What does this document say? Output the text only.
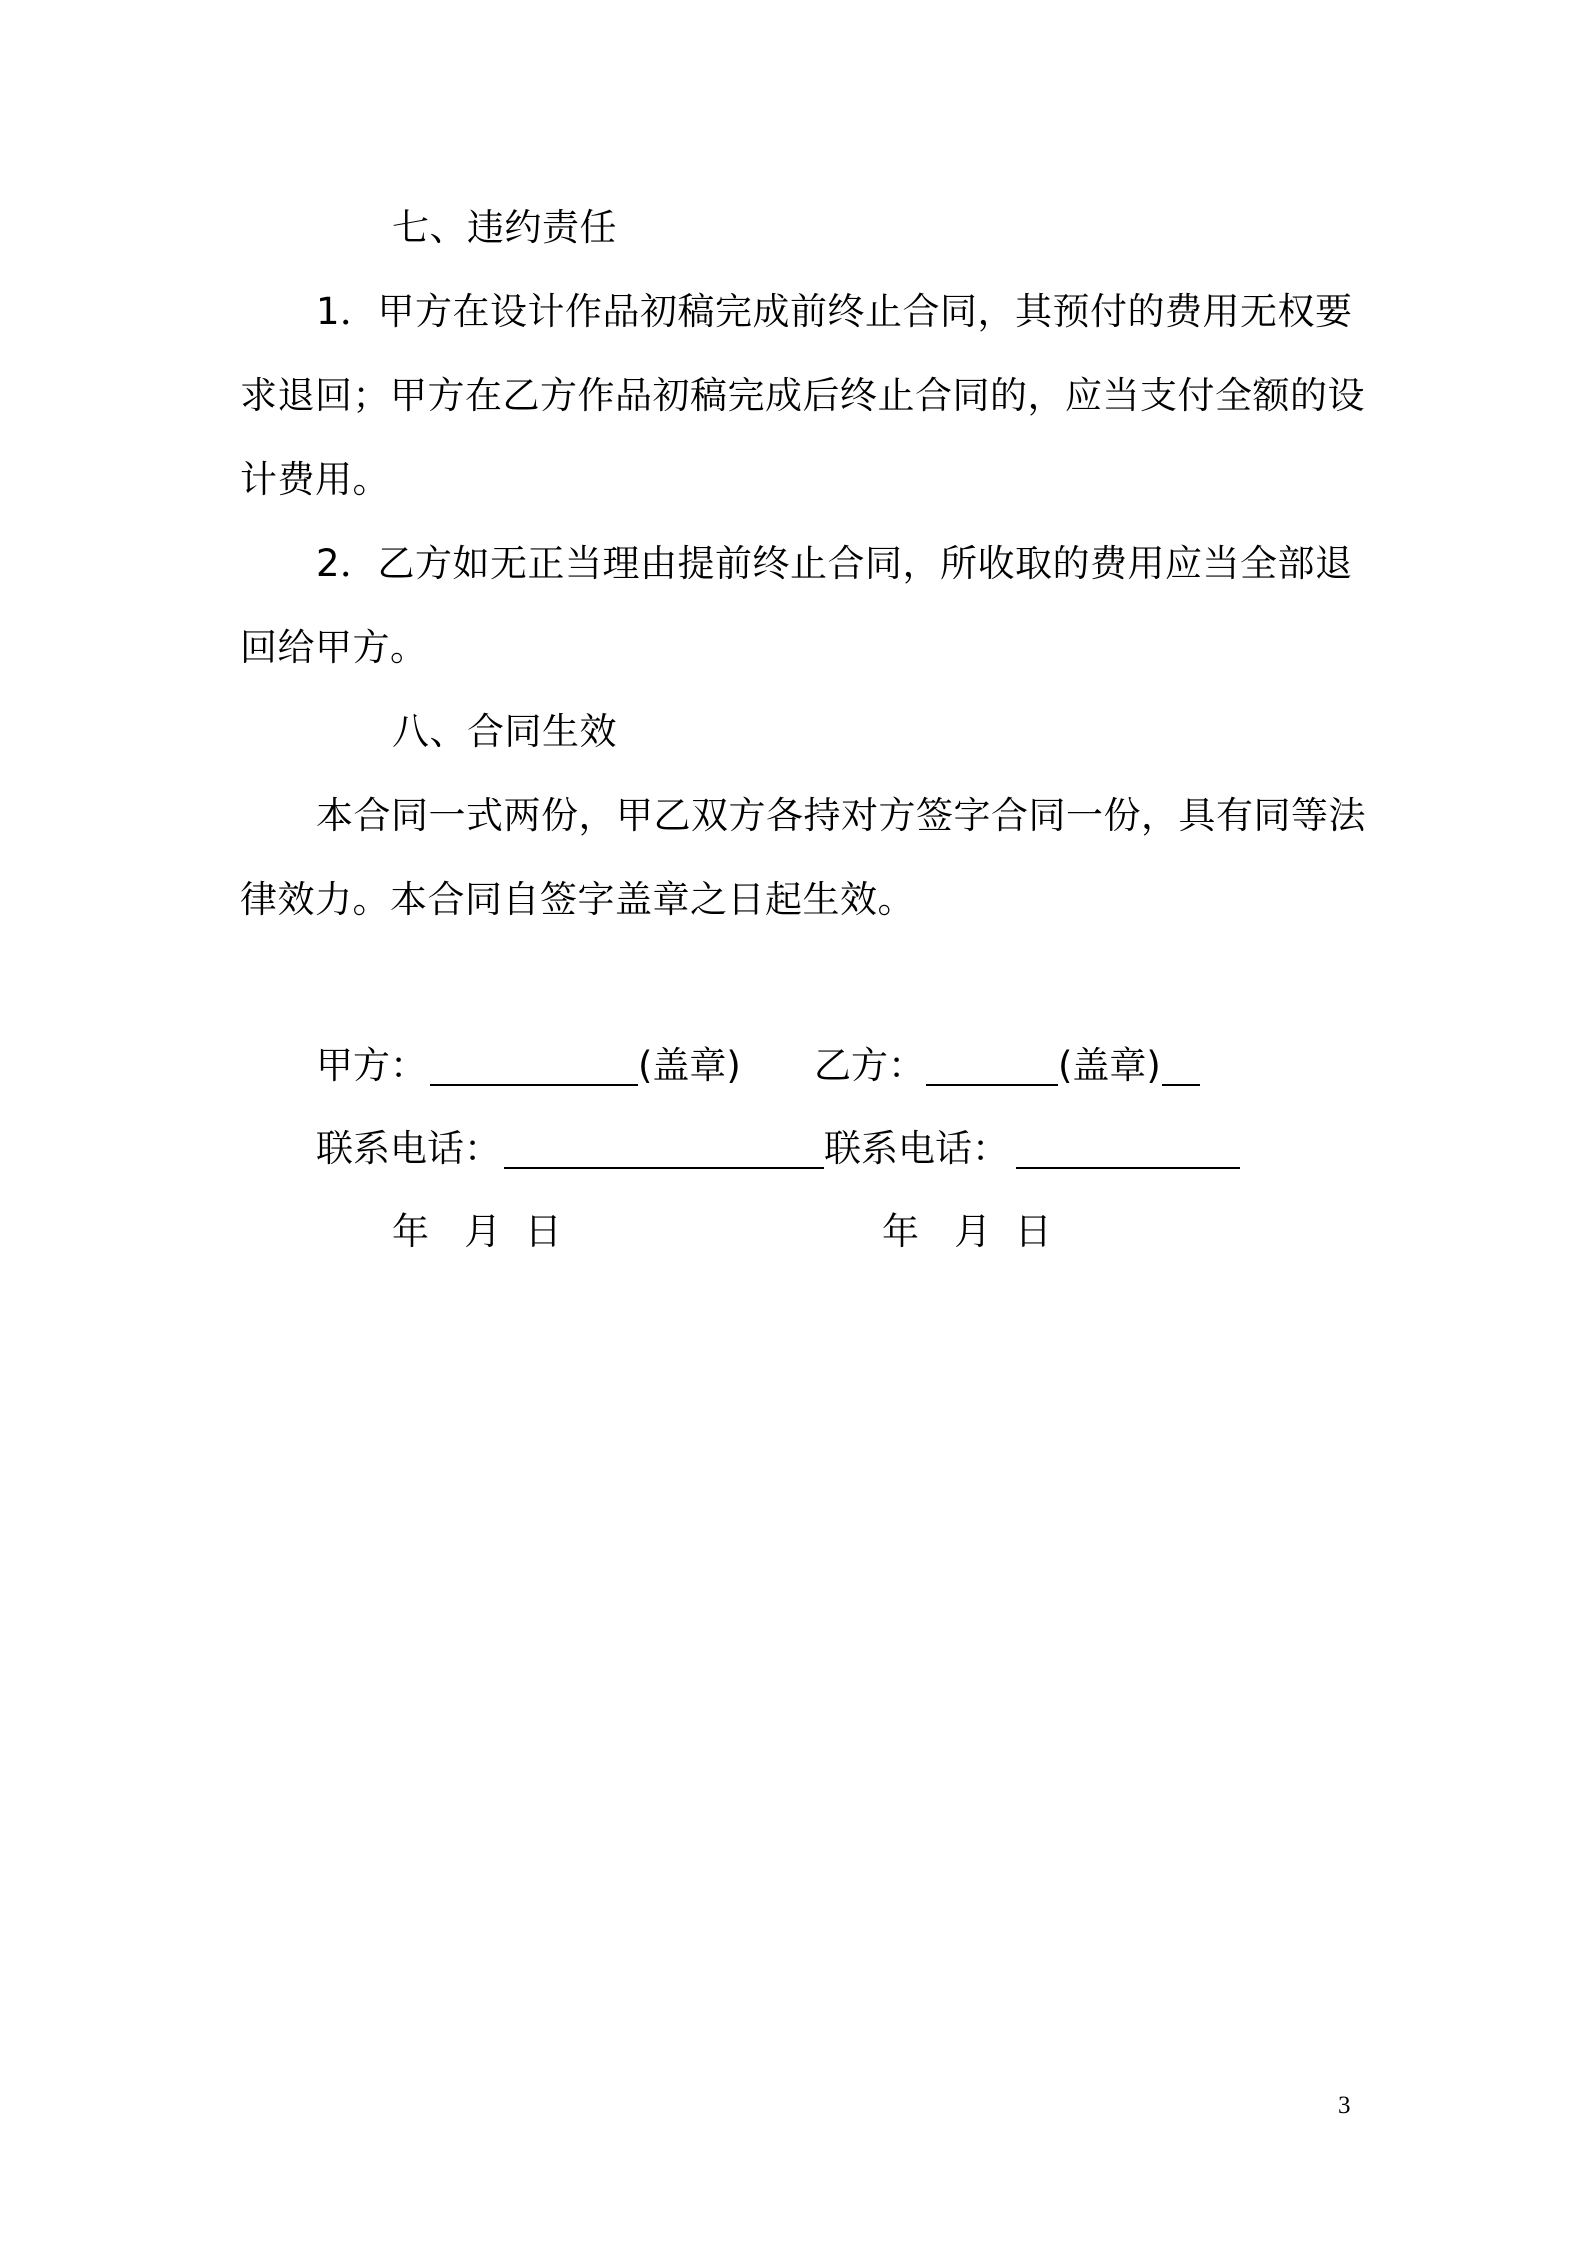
七、违约责任
1．甲方在设计作品初稿完成前终止合同，其预付的费用无权要
求退回；甲方在乙方作品初稿完成后终止合同的，应当支付全额的设
计费用。
2．乙方如无正当理由提前终止合同，所收取的费用应当全部退
回给甲方。
八、合同生效
本合同一式两份，甲乙双方各持对方签字合同一份，具有同等法
律效力。本合同自签字盖章之日起生效。
甲方：	(盖章) 乙方：	(盖章)
联系电话：	联系电话：
年   月  日	年   月  日
3
